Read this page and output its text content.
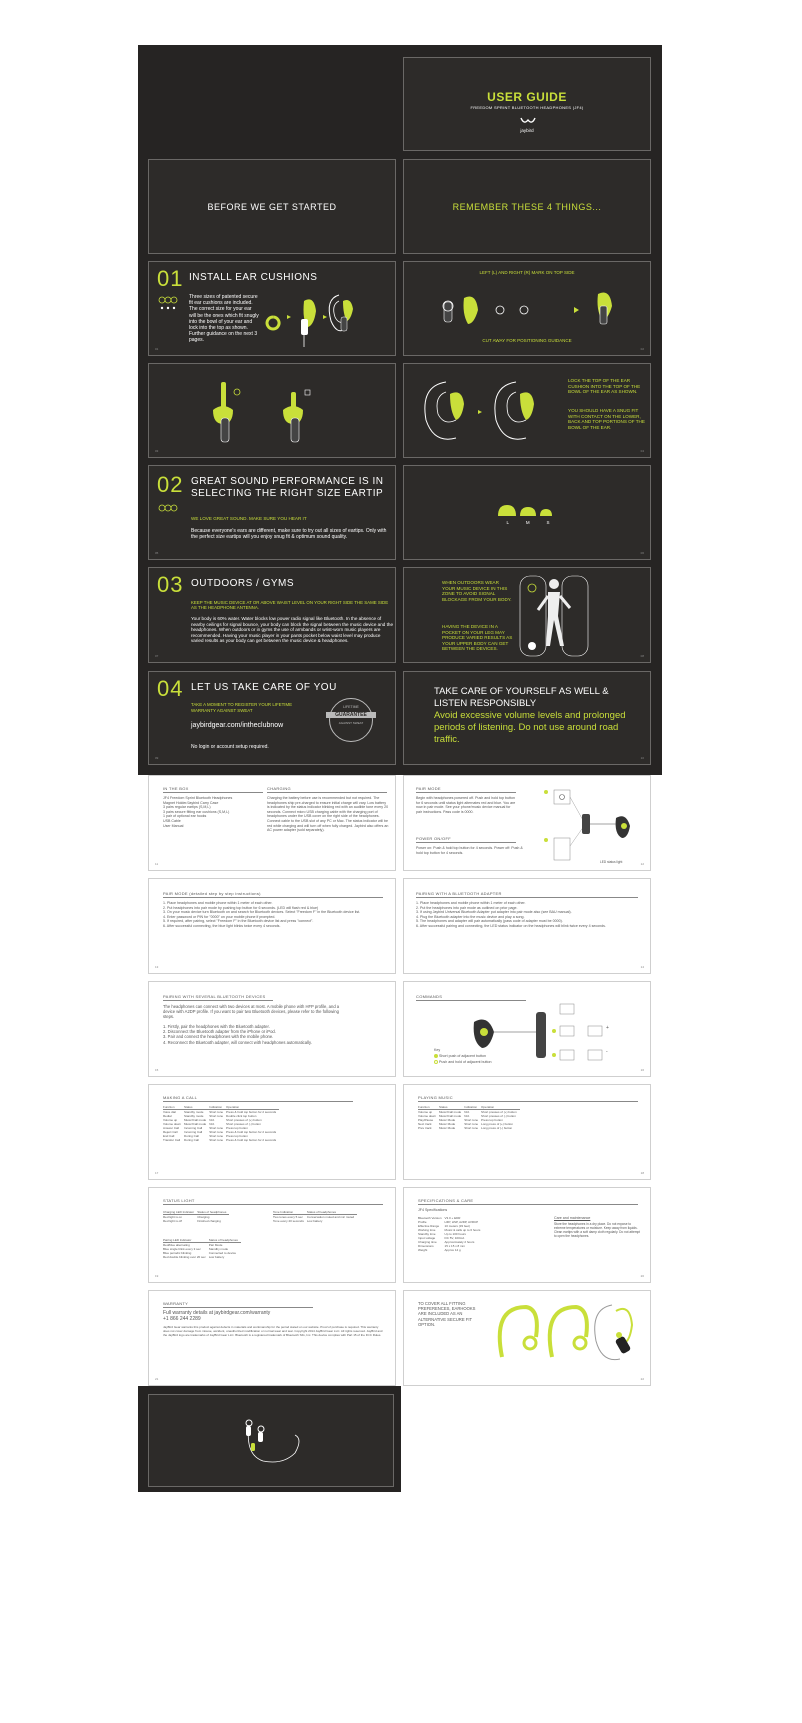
USER GUIDE
FREEDOM SPRINT BLUETOOTH HEADPHONES (JF4)
jaybird
BEFORE WE GET STARTED	REMEMBER THESE 4 THINGS...
01 INSTALL EAR CUSHIONS
Three sizes of patented secure fit ear cushions are included. The correct size for your ear will be the ones which fit snugly into the bowl of your ear and lock into the top as shown. Further guidance on the next 3 pages.
01
LEFT (L) AND RIGHT (R) MARK ON TOP SIDE
CUT AWAY FOR POSITIONING GUIDANCE
02
03
LOCK THE TOP OF THE EAR CUSHION INTO THE TOP OF THE BOWL OF THE EAR AS SHOWN.
YOU SHOULD HAVE A SNUG FIT WITH CONTACT ON THE LOWER, BACK AND TOP PORTIONS OF THE BOWL OF THE EAR.
04
02 GREAT SOUND PERFORMANCE IS IN SELECTING THE RIGHT SIZE EARTIP
WE LOVE GREAT SOUND. MAKE SURE YOU HEAR IT
Because everyone's ears are different, make sure to try out all sizes of eartips. Only with the perfect size eartips will you enjoy snug fit & optimum sound quality.
05
L	M	S
06
03 OUTDOORS / GYMS
KEEP THE MUSIC DEVICE AT OR ABOVE WAIST LEVEL ON YOUR RIGHT SIDE THE SAME SIDE AS THE HEADPHONE ANTENNA.
Your body is 60% water. Water blocks low power radio signal like Bluetooth. In the absence of nearby ceilings for signal bounce, your body can block the signal between the music device and the headphones. When outdoors or in gyms the use of armbands or wrist-worn music players are recommended. Having your music player in your pants pocket below waist level may produce varied results as your body can get between the music device & headphones.
07
WHEN OUTDOORS WEAR YOUR MUSIC DEVICE IN THIS ZONE TO AVOID SIGNAL BLOCKAGE FROM YOUR BODY.
HAVING THE DEVICE IN A POCKET ON YOUR LEG MAY PRODUCE VARIED RESULTS AS YOUR UPPER BODY CAN GET BETWEEN THE DEVICES.
08
04 LET US TAKE CARE OF YOU
TAKE A MOMENT TO REGISTER YOUR LIFETIME WARRANTY AGAINST SWEAT
jaybirdgear.com/intheclubnow
No login or account setup required.
LIFETIME
GUARANTEE
AGAINST SWEAT
09
TAKE CARE OF YOURSELF AS WELL & LISTEN RESPONSIBLY
Avoid excessive volume levels and prolonged periods of listening. Do not use around road traffic.
10
IN THE BOX
JF4 Freedom Sprint Bluetooth Headphones
Magnet Holder/Jaybird Carry Case
3 pairs regular eartips (S,M,L)
3 pairs secure fitting ear cushions (S,M,L)
1 pair of optional ear hooks
USB Cable
User Manual
CHARGING
Charging the battery before use is recommended but not required. The headphones ship pre-charged to ensure initial charge will vary. Low battery is indicated by the status indicator blinking red with an audible tone every 20 seconds. Connect micro USB charging cable with the charging port of headphones under the USB cover on the right side of the headphones. Connect cable to the USB slot of any PC or Mac. The status indicator will be red while charging and will turn off when fully charged. Jaybird also offers an AC power adapter (sold separately).
11
PAIR MODE
Begin with headphones powered off. Push and hold top button for 6 seconds until status light alternates red and blue. You are now in pair mode. See your phone/music device manual for pair instructions. Pass code is 0000.
POWER ON/OFF
Power on: Push & hold top button for 4 seconds. Power off: Push & hold top button for 4 seconds.
LED status light	12
PAIR MODE (detailed step by step instructions)
1. Place headphones and mobile phone within 1 meter of each other.
2. Put headphones into pair mode by pushing top button for 6 seconds. (LED will flash red & blue)
3. On your music device turn Bluetooth on and search for Bluetooth devices. Select "Freedom F" in the Bluetooth device list.
4. Enter password or PIN for "0000" on your mobile phone if prompted.
5. If required, after pairing, select "Freedom F" in the Bluetooth device list and press "connect".
6. After successful connecting, the blue light blinks twice every 4 seconds.
13
PAIRING WITH A BLUETOOTH ADAPTER
1. Place headphones and mobile phone within 1 meter of each other.
2. Put the headphones into pair mode as outlined on prior page.
3. If using Jaybird Universal Bluetooth Adapter put adapter into pair mode also (see BAU manual).
4. Plug the Bluetooth adapter into the music device and play a song.
5. The headphones and adapter will pair automatically (pass code of adapter must be 0000).
6. After successful pairing and connecting, the LED status indicator on the headphones will blink twice every 4 seconds.
14
PAIRING WITH SEVERAL BLUETOOTH DEVICES
The headphones can connect with two devices at most. A mobile phone with HFP profile, and a device with A2DP profile. If you want to pair two Bluetooth devices, please refer to the following steps.
1. Firstly, pair the headphones with the Bluetooth adapter.
2. Disconnect the Bluetooth adapter from the iPhone or iPod.
3. Pair and connect the headphones with the mobile phone.
4. Reconnect the Bluetooth adapter, will connect with headphones automatically.
15
COMMANDS
Key
Short push of adjacent button
Push and hold of adjacent button
+
-
16
MAKING A CALL
Function	Status	Indication	Operation
Voice dial	Standby mode	Short tone	Press & hold top button for 2 seconds
Redial	Standby mode	Short tone	Double click top button
Volume up	Music/Call mode	N/A	Short presses of (+) button
Volume down	Music/Call mode	N/A	Short presses of (-) button
Answer Call	Incoming Call	Short tone	Press top button
Reject Call	Incoming Call	Short tone	Press & hold top button for 2 seconds
End Call	During Call	Short tone	Press top button
Transfer Call	During Call	Short tone	Press & hold top button for 2 seconds
17
PLAYING MUSIC
Function	Status	Indication	Operation
Volume up	Music/Call mode	N/A	Short presses of (+) button
Volume down	Music/Call mode	N/A	Short presses of (-) button
Play/Pause	Music Mode	Short tone	Press top button
Next track	Music Mode	Short tone	Long press of (+) button
Prev track	Music Mode	Short tone	Long press of (-) button
18
STATUS LIGHT
Charging LED Indicator	Status of headphones
Red light is on	Charging
Red light is off	Finished charging
Pairing LED Indicator	Status of headphones
Red/blue alternating	Pair Mode
Blue single blink every 3 sec	Standby mode
Blue periodic blinking	Connected to device
Red double blinking over 20 sec	Low battery
Tone Indication	Status of headphones
Two tones every 5 sec	Conversation muted and mic muted
Tone every 20 seconds	Low battery
19
SPECIFICATIONS & CARE
JF4 Specifications
Bluetooth Version	V3.0 + EDR
Profile	HFP, HSP, A2DP, AVRCP
Effective Range	10 meters (33 feet)
Working time	Music & calls up to 6 hours
Standby time	Up to 100 hours
Input voltage	DC 5V, 100mA
Charging time	Approximately 2 hours
Dimensions	15 x 15 x 8 mm
Weight	Approx 14 g
Care and maintenance
Store the headphones in a dry place. Do not expose to extreme temperatures or moisture. Keep away from liquids. Clean eartips with a soft damp cloth regularly. Do not attempt to open the headphones.
20
WARRANTY
Full warranty details at jaybirdgear.com/warranty
+1 866 244 2289
JayBird Gear warrants this product against defects in materials and workmanship for the period stated on our website. Proof of purchase is required. This warranty does not cover damage from misuse, accident, unauthorized modification or normal wear and tear. Copyright 2014 JayBird Gear LLC. All rights reserved. JayBird and the JayBird logo are trademarks of JayBird Gear LLC. Bluetooth is a registered trademark of Bluetooth SIG, Inc. This device complies with Part 15 of the FCC Rules.
21
TO COVER ALL FITTING PREFERENCES, EARHOOKS ARE INCLUDED AS AN ALTERNATIVE SECURE FIT OPTION.
22
